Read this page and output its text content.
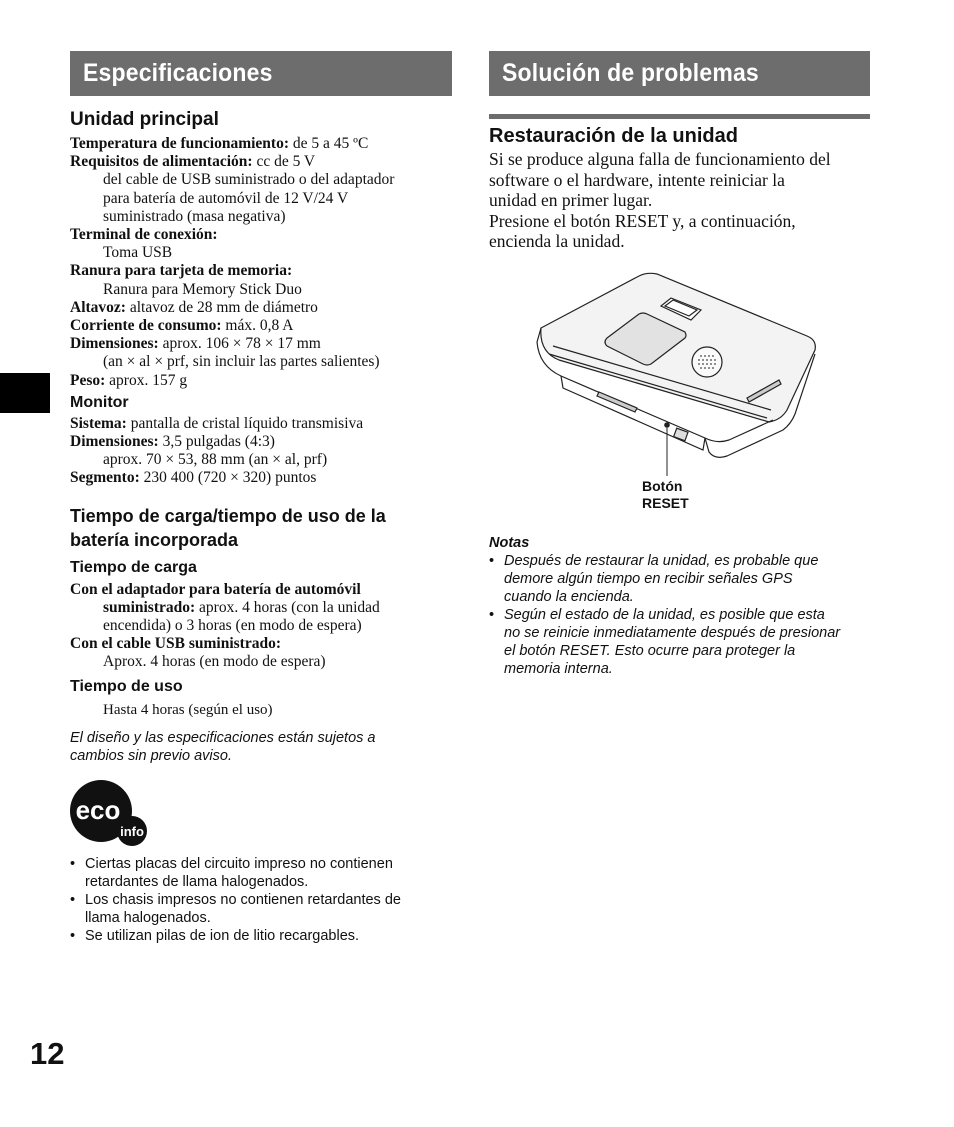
Especificaciones
Unidad principal
Temperatura de funcionamiento: de 5 a 45 ºC
Requisitos de alimentación: cc de 5 V
del cable de USB suministrado o del adaptador
para batería de automóvil de 12 V/24 V
suministrado (masa negativa)
Terminal de conexión:
Toma USB
Ranura para tarjeta de memoria:
Ranura para Memory Stick Duo
Altavoz: altavoz de 28 mm de diámetro
Corriente de consumo: máx. 0,8 A
Dimensiones: aprox. 106 × 78 × 17 mm
(an × al × prf, sin incluir las partes salientes)
Peso: aprox. 157 g
Monitor
Sistema: pantalla de cristal líquido transmisiva
Dimensiones: 3,5 pulgadas (4:3)
aprox. 70 × 53, 88 mm (an × al, prf)
Segmento: 230 400 (720 × 320) puntos
Tiempo de carga/tiempo de uso de la
batería incorporada
Tiempo de carga
Con el adaptador para batería de automóvil
suministrado: aprox. 4 horas (con la unidad
encendida) o 3 horas (en modo de espera)
Con el cable USB suministrado:
Aprox. 4 horas (en modo de espera)
Tiempo de uso
Hasta 4 horas (según el uso)
El diseño y las especificaciones están sujetos a
cambios sin previo aviso.
eco
info
• Ciertas placas del circuito impreso no contienen
retardantes de llama halogenados.
• Los chasis impresos no contienen retardantes de
llama halogenados.
• Se utilizan pilas de ion de litio recargables.
Solución de problemas
Restauración de la unidad
Si se produce alguna falla de funcionamiento del
software o el hardware, intente reiniciar la
unidad en primer lugar.
Presione el botón RESET y, a continuación,
encienda la unidad.
Botón
RESET
Notas
• Después de restaurar la unidad, es probable que
demore algún tiempo en recibir señales GPS
cuando la encienda.
• Según el estado de la unidad, es posible que esta
no se reinicie inmediatamente después de presionar
el botón RESET. Esto ocurre para proteger la
memoria interna.
12
